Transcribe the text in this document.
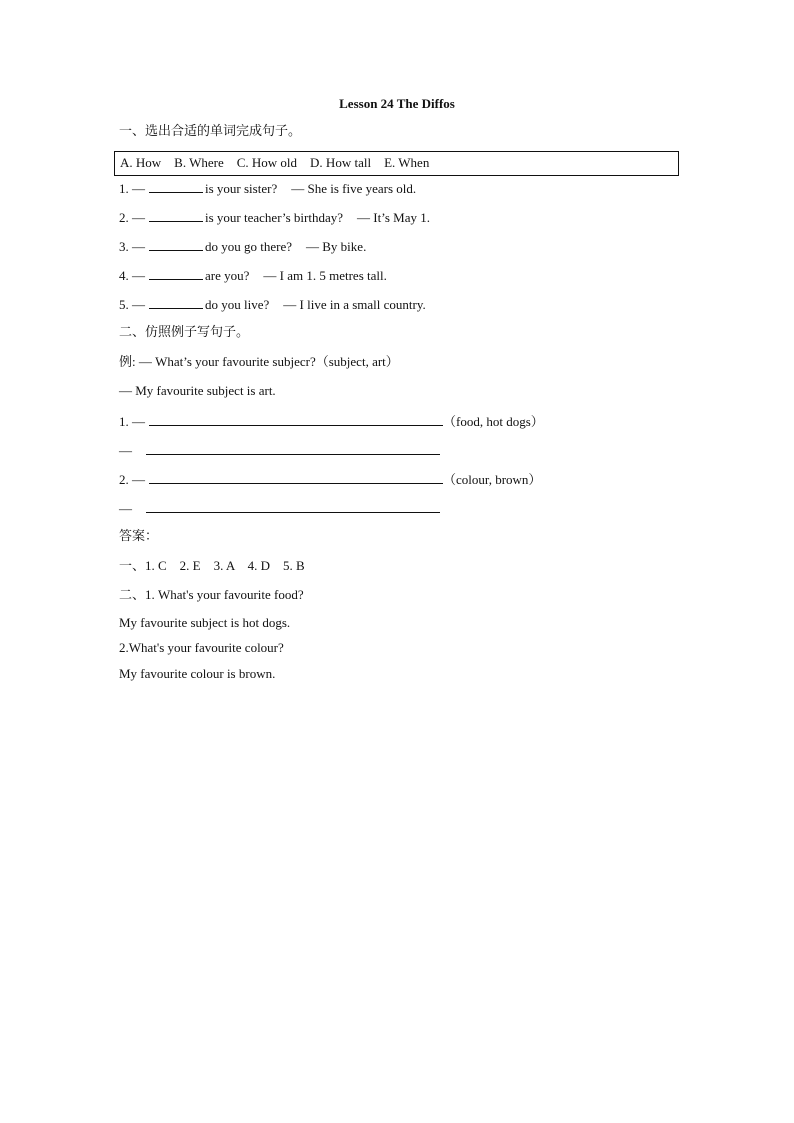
Lesson 24 The Diffos
一、选出合适的单词完成句子。
A. How    B. Where    C. How old    D. How tall    E. When
1. —	is your sister? — She is five years old.
2. —	is your teacher’s birthday? — It’s May 1.
3. —	do you go there? — By bike.
4. —	are you? — I am 1. 5 metres tall.
5. —	do you live? — I live in a small country.
二、仿照例子写句子。
例: — What’s your favourite subjecr?（subject, art）
— My favourite subject is art.
1. —	（food, hot dogs）
—
2. —	（colour, brown）
—
答案：
一、1. C    2. E    3. A    4. D    5. B
二、1. What's your favourite food?
My favourite subject is hot dogs.
2.What's your favourite colour?
My favourite colour is brown.
